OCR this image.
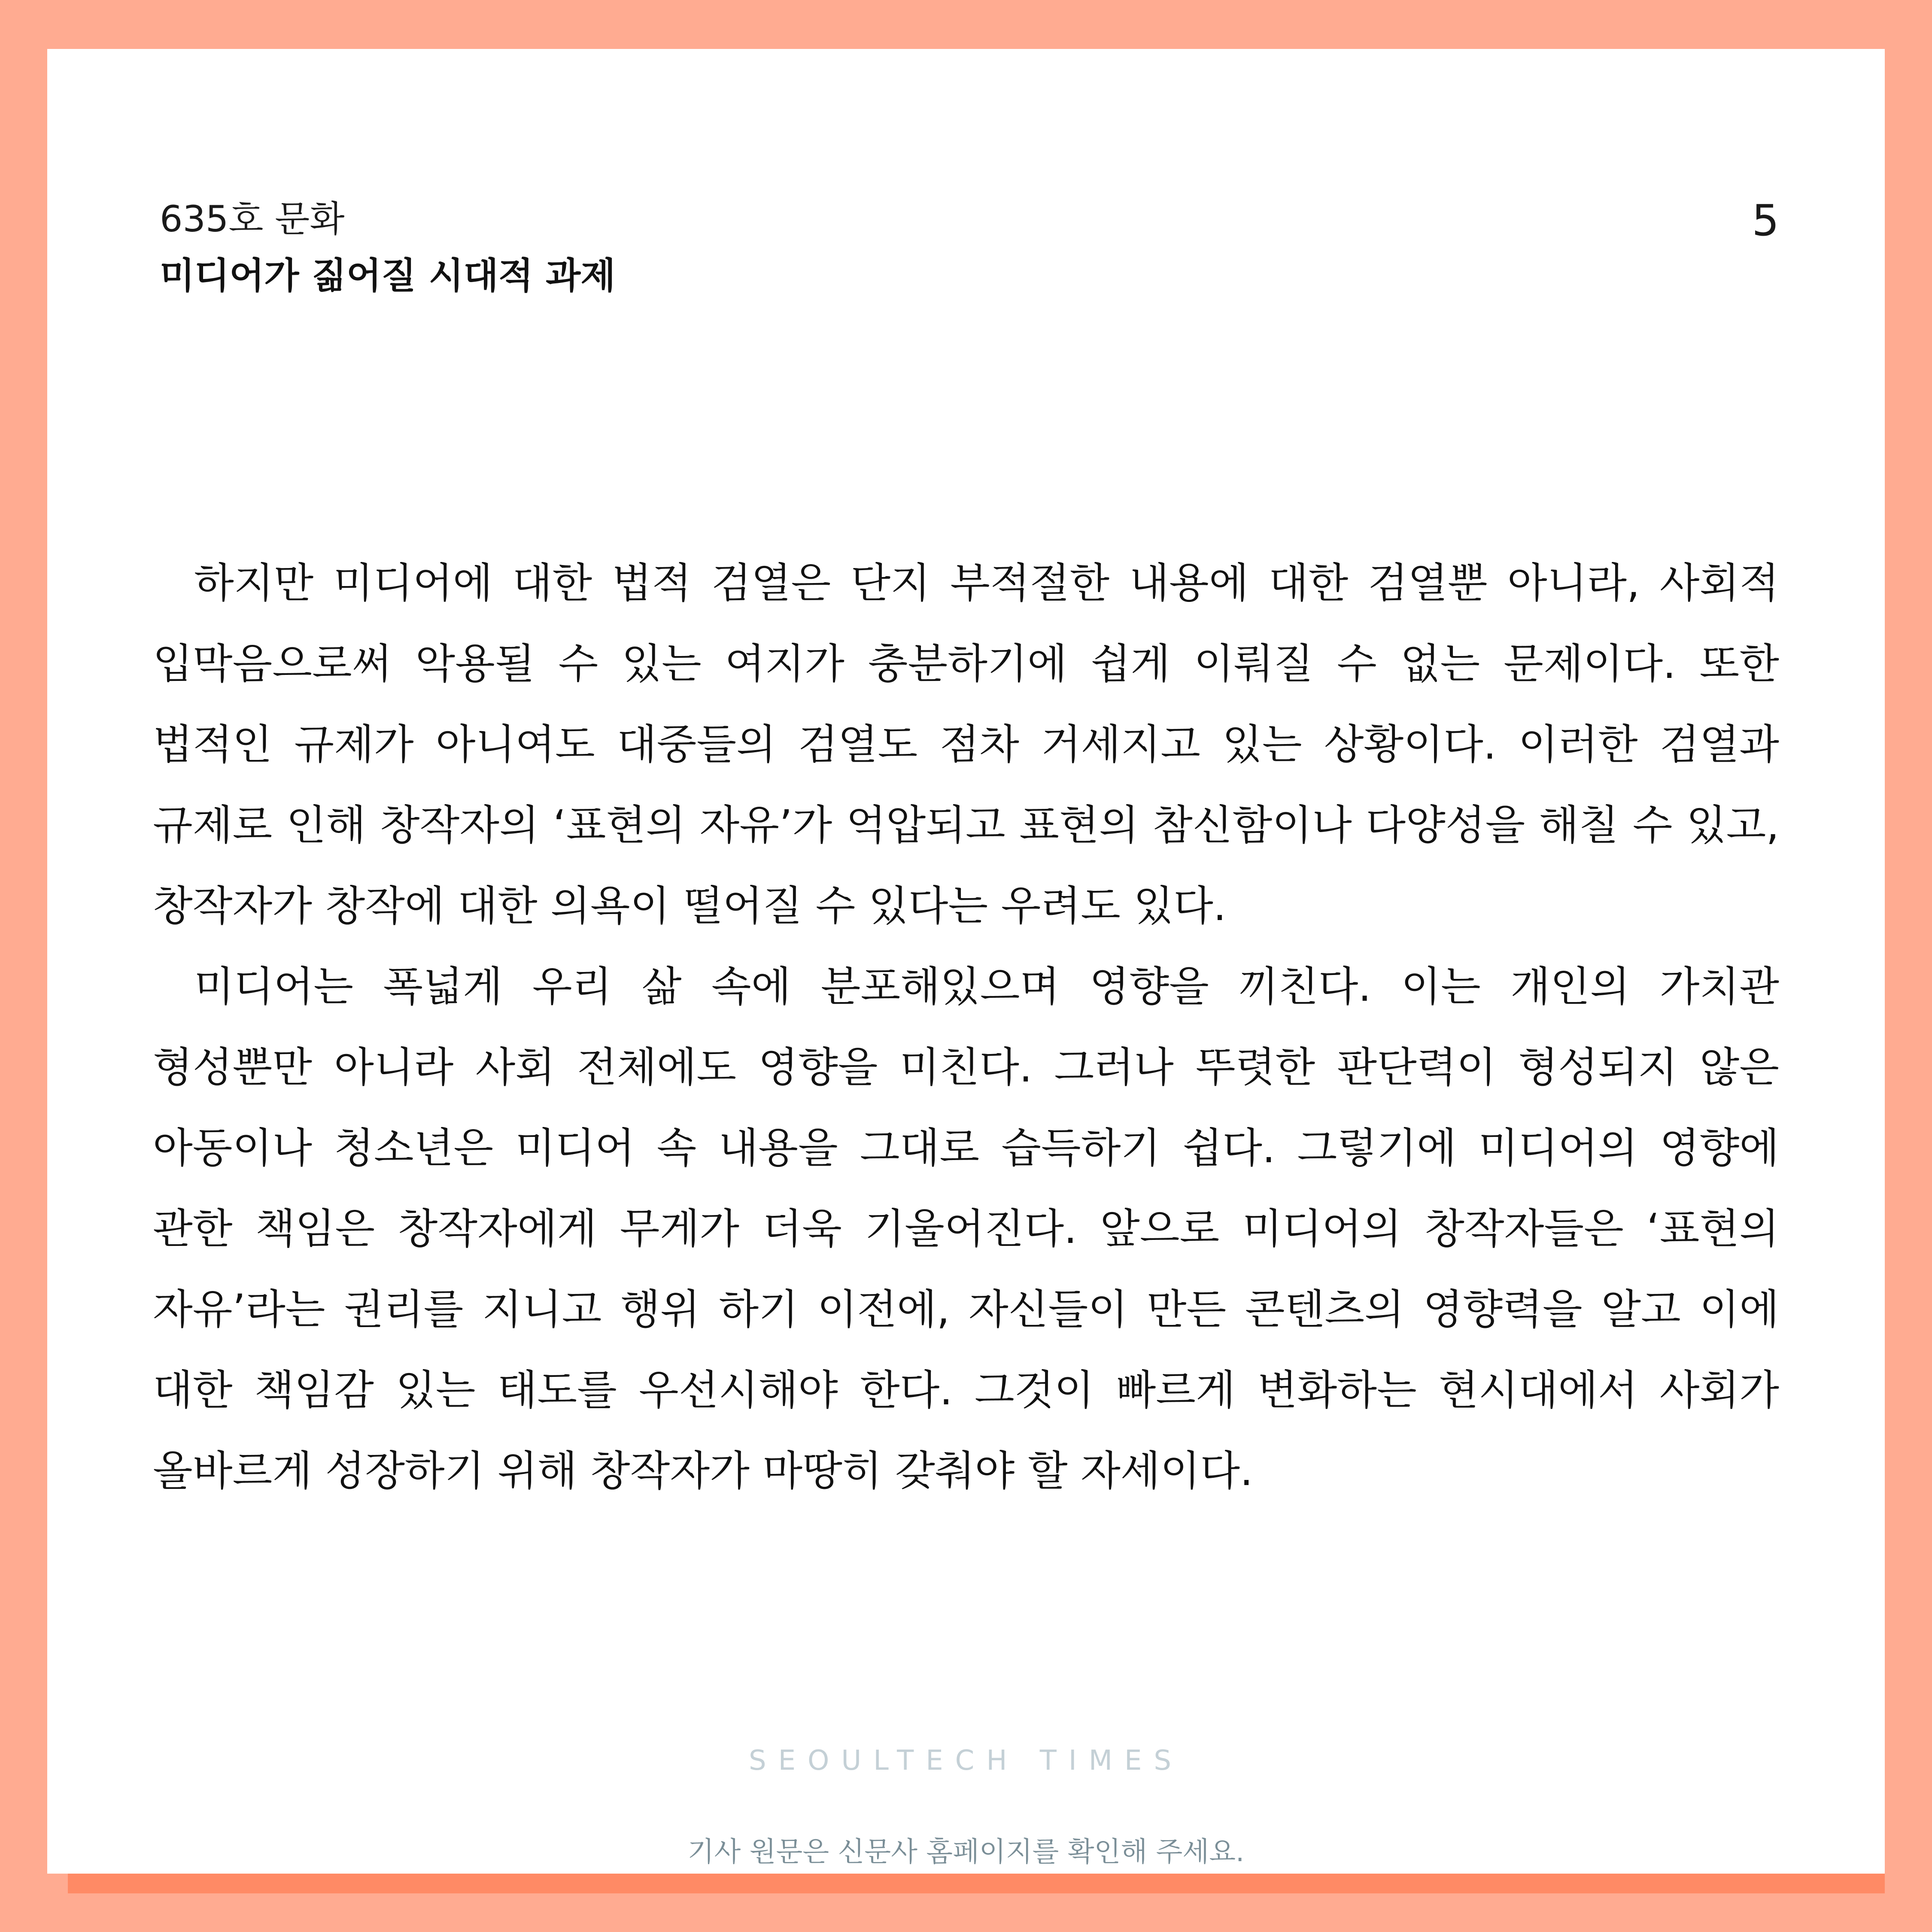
635호 문화
미디어가 짊어질 시대적 과제
5

하지만 미디어에 대한 법적 검열은 단지 부적절한 내용에 대한 검열뿐 아니라, 사회적 입막음으로써 악용될 수 있는 여지가 충분하기에 쉽게 이뤄질 수 없는 문제이다. 또한 법적인 규제가 아니여도 대중들의 검열도 점차 거세지고 있는 상황이다. 이러한 검열과 규제로 인해 창작자의 ‘표현의 자유’가 억압되고 표현의 참신함이나 다양성을 해칠 수 있고, 창작자가 창작에 대한 의욕이 떨어질 수 있다는 우려도 있다.

미디어는 폭넓게 우리 삶 속에 분포해있으며 영향을 끼친다. 이는 개인의 가치관 형성뿐만 아니라 사회 전체에도 영향을 미친다. 그러나 뚜렷한 판단력이 형성되지 않은 아동이나 청소년은 미디어 속 내용을 그대로 습득하기 쉽다. 그렇기에 미디어의 영향에 관한 책임은 창작자에게 무게가 더욱 기울어진다. 앞으로 미디어의 창작자들은 ‘표현의 자유’라는 권리를 지니고 행위 하기 이전에, 자신들이 만든 콘텐츠의 영향력을 알고 이에 대한 책임감 있는 태도를 우선시해야 한다. 그것이 빠르게 변화하는 현시대에서 사회가 올바르게 성장하기 위해 창작자가 마땅히 갖춰야 할 자세이다.

SEOULTECH TIMES
기사 원문은 신문사 홈페이지를 확인해 주세요.
